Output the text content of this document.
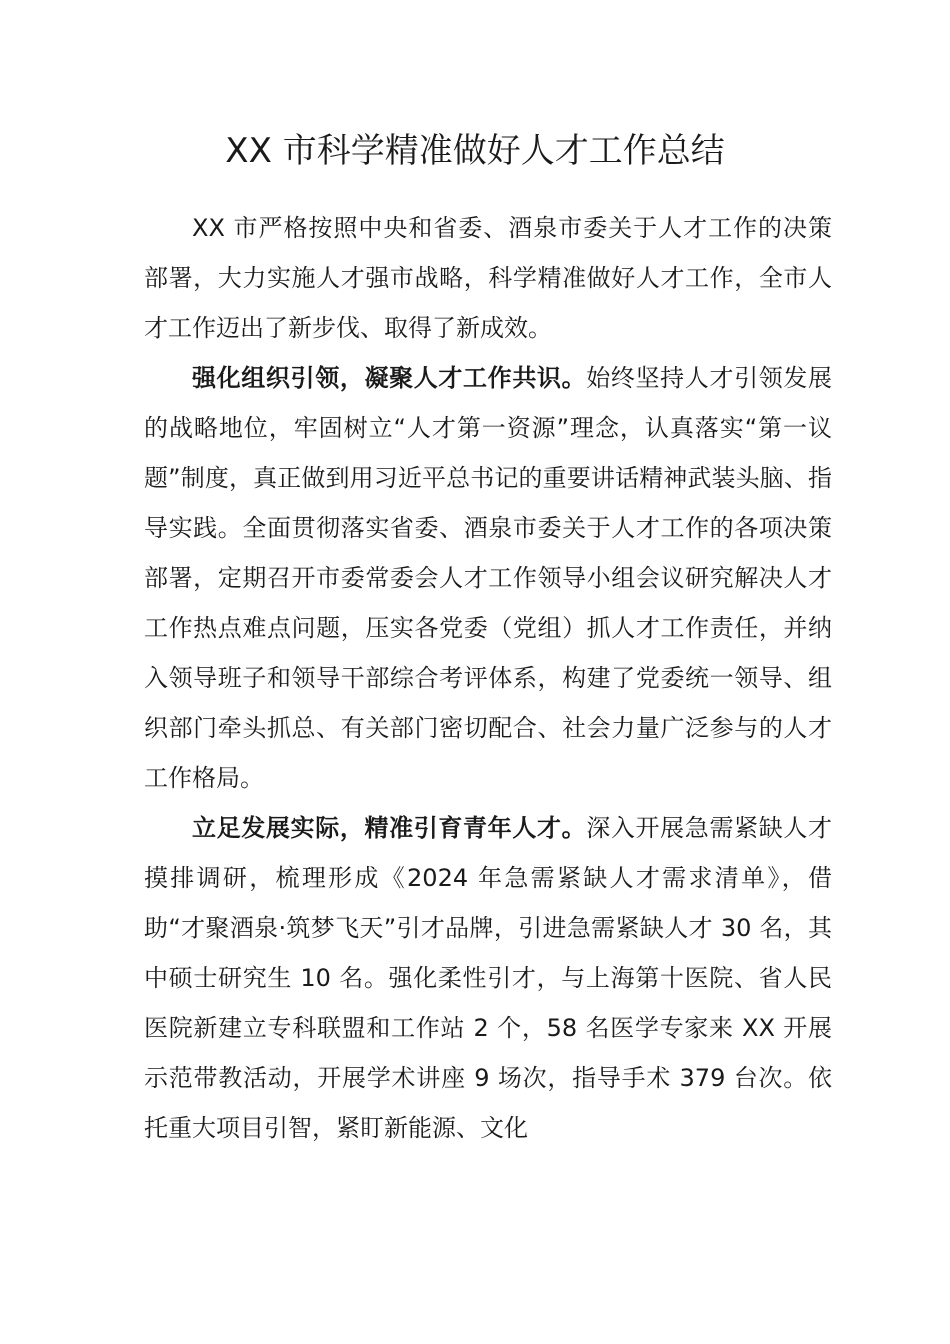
XX 市科学精准做好人才工作总结

XX 市严格按照中央和省委、酒泉市委关于人才工作的决策部署，大力实施人才强市战略，科学精准做好人才工作，全市人才工作迈出了新步伐、取得了新成效。

强化组织引领，凝聚人才工作共识。始终坚持人才引领发展的战略地位，牢固树立“人才第一资源”理念，认真落实“第一议题”制度，真正做到用习近平总书记的重要讲话精神武装头脑、指导实践。全面贯彻落实省委、酒泉市委关于人才工作的各项决策部署，定期召开市委常委会人才工作领导小组会议研究解决人才工作热点难点问题，压实各党委（党组）抓人才工作责任，并纳入领导班子和领导干部综合考评体系，构建了党委统一领导、组织部门牵头抓总、有关部门密切配合、社会力量广泛参与的人才工作格局。

立足发展实际，精准引育青年人才。深入开展急需紧缺人才摸排调研，梳理形成《2024 年急需紧缺人才需求清单》，借助“才聚酒泉·筑梦飞天”引才品牌，引进急需紧缺人才 30 名，其中硕士研究生 10 名。强化柔性引才，与上海第十医院、省人民医院新建立专科联盟和工作站 2 个，58 名医学专家来 XX 开展示范带教活动，开展学术讲座 9 场次，指导手术 379 台次。依托重大项目引智，紧盯新能源、文化
